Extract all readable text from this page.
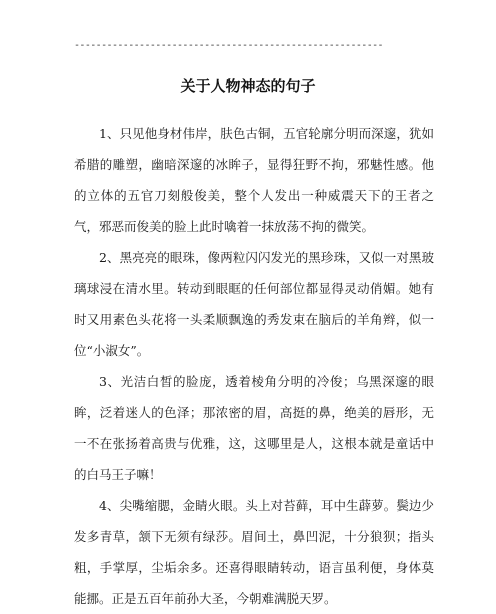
---------------------------------------------------------
关于人物神态的句子

1、只见他身材伟岸，肤色古铜，五官轮廓分明而深邃，犹如希腊的雕塑，幽暗深邃的冰眸子，显得狂野不拘，邪魅性感。他的立体的五官刀刻般俊美，整个人发出一种威震天下的王者之气，邪恶而俊美的脸上此时噙着一抹放荡不拘的微笑。

2、黑亮亮的眼珠，像两粒闪闪发光的黑珍珠，又似一对黑玻璃球浸在清水里。转动到眼眶的任何部位都显得灵动俏媚。她有时又用素色头花将一头柔顺飘逸的秀发束在脑后的羊角辫，似一位“小淑女”。

3、光洁白皙的脸庞，透着棱角分明的冷俊；乌黑深邃的眼眸，泛着迷人的色泽；那浓密的眉，高挺的鼻，绝美的唇形，无一不在张扬着高贵与优雅，这，这哪里是人，这根本就是童话中的白马王子嘛！

4、尖嘴缩腮，金睛火眼。头上对苔藓，耳中生薜萝。鬓边少发多青草，颔下无须有绿莎。眉间土，鼻凹泥，十分狼狈；指头粗，手掌厚，尘垢余多。还喜得眼睛转动，语言虽利便，身体莫能挪。正是五百年前孙大圣，今朝难满脱天罗。
